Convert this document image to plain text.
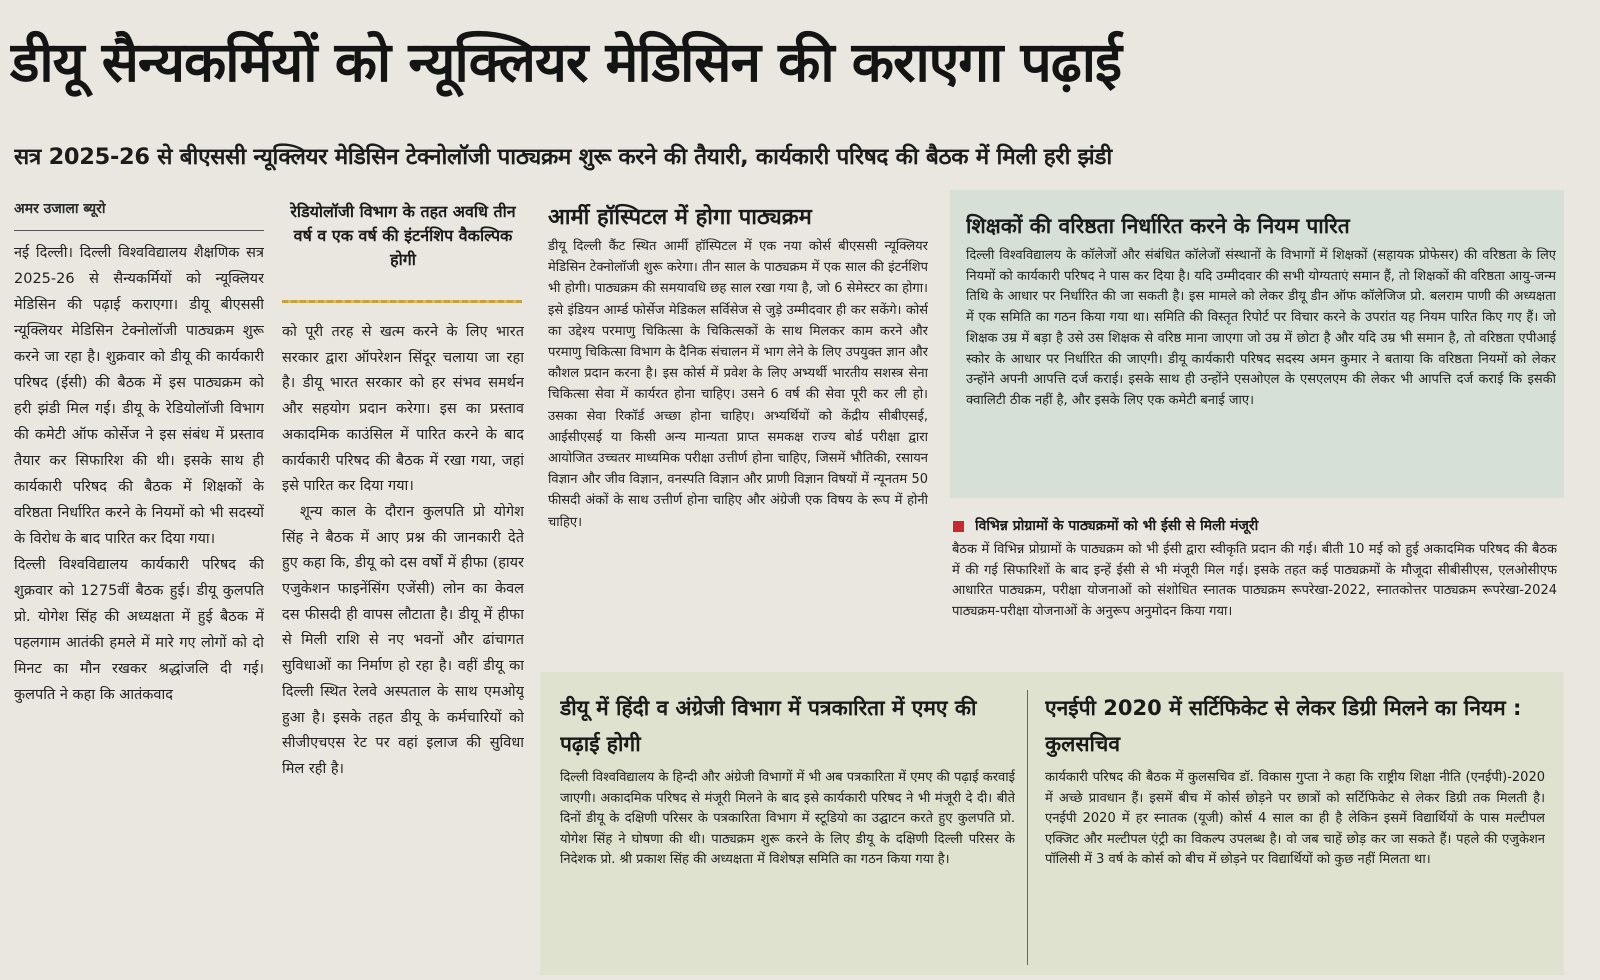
डीयू सैन्यकर्मियों को न्यूक्लियर मेडिसिन की कराएगा पढ़ाई
सत्र 2025-26 से बीएससी न्यूक्लियर मेडिसिन टेक्नोलॉजी पाठ्यक्रम शुरू करने की तैयारी, कार्यकारी परिषद की बैठक में मिली हरी झंडी
अमर उजाला ब्यूरो

नई दिल्ली। दिल्ली विश्वविद्यालय शैक्षणिक सत्र 2025-26 से सैन्यकर्मियों को न्यूक्लियर मेडिसिन की पढ़ाई कराएगा। डीयू बीएससी न्यूक्लियर मेडिसिन टेक्नोलॉजी पाठ्यक्रम शुरू करने जा रहा है। शुक्रवार को डीयू की कार्यकारी परिषद (ईसी) की बैठक में इस पाठ्यक्रम को हरी झंडी मिल गई। डीयू के रेडियोलॉजी विभाग की कमेटी ऑफ कोर्सेज ने इस संबंध में प्रस्ताव तैयार कर सिफारिश की थी। इसके साथ ही कार्यकारी परिषद की बैठक में शिक्षकों के वरिष्ठता निर्धारित करने के नियमों को भी सदस्यों के विरोध के बाद पारित कर दिया गया।

दिल्ली विश्वविद्यालय कार्यकारी परिषद की शुक्रवार को 1275वीं बैठक हुई। डीयू कुलपति प्रो. योगेश सिंह की अध्यक्षता में हुई बैठक में पहलगाम आतंकी हमले में मारे गए लोगों को दो मिनट का मौन रखकर श्रद्धांजलि दी गई। कुलपति ने कहा कि आतंकवाद

रेडियोलॉजी विभाग के तहत अवधि तीन वर्ष व एक वर्ष की इंटर्नशिप वैकल्पिक होगी

को पूरी तरह से खत्म करने के लिए भारत सरकार द्वारा ऑपरेशन सिंदूर चलाया जा रहा है। डीयू भारत सरकार को हर संभव समर्थन और सहयोग प्रदान करेगा। इस का प्रस्ताव अकादमिक काउंसिल में पारित करने के बाद कार्यकारी परिषद की बैठक में रखा गया, जहां इसे पारित कर दिया गया।

शून्य काल के दौरान कुलपति प्रो योगेश सिंह ने बैठक में आए प्रश्न की जानकारी देते हुए कहा कि, डीयू को दस वर्षों में हीफा (हायर एजुकेशन फाइनेंसिंग एजेंसी) लोन का केवल दस फीसदी ही वापस लौटाता है। डीयू में हीफा से मिली राशि से नए भवनों और ढांचागत सुविधाओं का निर्माण हो रहा है। वहीं डीयू का दिल्ली स्थित रेलवे अस्पताल के साथ एमओयू हुआ है। इसके तहत डीयू के कर्मचारियों को सीजीएचएस रेट पर वहां इलाज की सुविधा मिल रही है।

आर्मी हॉस्पिटल में होगा पाठ्यक्रम
डीयू दिल्ली कैंट स्थित आर्मी हॉस्पिटल में एक नया कोर्स बीएससी न्यूक्लियर मेडिसिन टेक्नोलॉजी शुरू करेगा। तीन साल के पाठ्यक्रम में एक साल की इंटर्नशिप भी होगी। पाठ्यक्रम की समयावधि छह साल रखा गया है, जो 6 सेमेस्टर का होगा। इसे इंडियन आर्म्ड फोर्सेज मेडिकल सर्विसेज से जुड़े उम्मीदवार ही कर सकेंगे। कोर्स का उद्देश्य परमाणु चिकित्सा के चिकित्सकों के साथ मिलकर काम करने और परमाणु चिकित्सा विभाग के दैनिक संचालन में भाग लेने के लिए उपयुक्त ज्ञान और कौशल प्रदान करना है। इस कोर्स में प्रवेश के लिए अभ्यर्थी भारतीय सशस्त्र सेना चिकित्सा सेवा में कार्यरत होना चाहिए। उसने 6 वर्ष की सेवा पूरी कर ली हो। उसका सेवा रिकॉर्ड अच्छा होना चाहिए। अभ्यर्थियों को केंद्रीय सीबीएसई, आईसीएसई या किसी अन्य मान्यता प्राप्त समकक्ष राज्य बोर्ड परीक्षा द्वारा आयोजित उच्चतर माध्यमिक परीक्षा उत्तीर्ण होना चाहिए, जिसमें भौतिकी, रसायन विज्ञान और जीव विज्ञान, वनस्पति विज्ञान और प्राणी विज्ञान विषयों में न्यूनतम 50 फीसदी अंकों के साथ उत्तीर्ण होना चाहिए और अंग्रेजी एक विषय के रूप में होनी चाहिए।
शिक्षकों की वरिष्ठता निर्धारित करने के नियम पारित
दिल्ली विश्वविद्यालय के कॉलेजों और संबंधित कॉलेजों संस्थानों के विभागों में शिक्षकों (सहायक प्रोफेसर) की वरिष्ठता के लिए नियमों को कार्यकारी परिषद ने पास कर दिया है। यदि उम्मीदवार की सभी योग्यताएं समान हैं, तो शिक्षकों की वरिष्ठता आयु-जन्म तिथि के आधार पर निर्धारित की जा सकती है। इस मामले को लेकर डीयू डीन ऑफ कॉलेजिज प्रो. बलराम पाणी की अध्यक्षता में एक समिति का गठन किया गया था। समिति की विस्तृत रिपोर्ट पर विचार करने के उपरांत यह नियम पारित किए गए हैं। जो शिक्षक उम्र में बड़ा है उसे उस शिक्षक से वरिष्ठ माना जाएगा जो उम्र में छोटा है और यदि उम्र भी समान है, तो वरिष्ठता एपीआई स्कोर के आधार पर निर्धारित की जाएगी। डीयू कार्यकारी परिषद सदस्य अमन कुमार ने बताया कि वरिष्ठता नियमों को लेकर उन्होंने अपनी आपत्ति दर्ज कराई। इसके साथ ही उन्होंने एसओएल के एसएलएम की लेकर भी आपत्ति दर्ज कराई कि इसकी क्वालिटी ठीक नहीं है, और इसके लिए एक कमेटी बनाई जाए।
विभिन्न प्रोग्रामों के पाठ्यक्रमों को भी ईसी से मिली मंजूरी
बैठक में विभिन्न प्रोग्रामों के पाठ्यक्रम को भी ईसी द्वारा स्वीकृति प्रदान की गई। बीती 10 मई को हुई अकादमिक परिषद की बैठक में की गई सिफारिशों के बाद इन्हें ईसी से भी मंजूरी मिल गई। इसके तहत कई पाठ्यक्रमों के मौजूदा सीबीसीएस, एलओसीएफ आधारित पाठ्यक्रम, परीक्षा योजनाओं को संशोधित स्नातक पाठ्यक्रम रूपरेखा-2022, स्नातकोत्तर पाठ्यक्रम रूपरेखा-2024 पाठ्यक्रम-परीक्षा योजनाओं के अनुरूप अनुमोदन किया गया।
डीयू में हिंदी व अंग्रेजी विभाग में पत्रकारिता में एमए की पढ़ाई होगी
दिल्ली विश्वविद्यालय के हिन्दी और अंग्रेजी विभागों में भी अब पत्रकारिता में एमए की पढ़ाई करवाई जाएगी। अकादमिक परिषद से मंजूरी मिलने के बाद इसे कार्यकारी परिषद ने भी मंजूरी दे दी। बीते दिनों डीयू के दक्षिणी परिसर के पत्रकारिता विभाग में स्टूडियो का उद्घाटन करते हुए कुलपति प्रो. योगेश सिंह ने घोषणा की थी। पाठ्यक्रम शुरू करने के लिए डीयू के दक्षिणी दिल्ली परिसर के निदेशक प्रो. श्री प्रकाश सिंह की अध्यक्षता में विशेषज्ञ समिति का गठन किया गया है।
एनईपी 2020 में सर्टिफिकेट से लेकर डिग्री मिलने का नियम : कुलसचिव
कार्यकारी परिषद की बैठक में कुलसचिव डॉ. विकास गुप्ता ने कहा कि राष्ट्रीय शिक्षा नीति (एनईपी)-2020 में अच्छे प्रावधान हैं। इसमें बीच में कोर्स छोड़ने पर छात्रों को सर्टिफिकेट से लेकर डिग्री तक मिलती है। एनईपी 2020 में हर स्नातक (यूजी) कोर्स 4 साल का ही है लेकिन इसमें विद्यार्थियों के पास मल्टीपल एक्जिट और मल्टीपल एंट्री का विकल्प उपलब्ध है। वो जब चाहें छोड़ कर जा सकते हैं। पहले की एजुकेशन पॉलिसी में 3 वर्ष के कोर्स को बीच में छोड़ने पर विद्यार्थियों को कुछ नहीं मिलता था।
